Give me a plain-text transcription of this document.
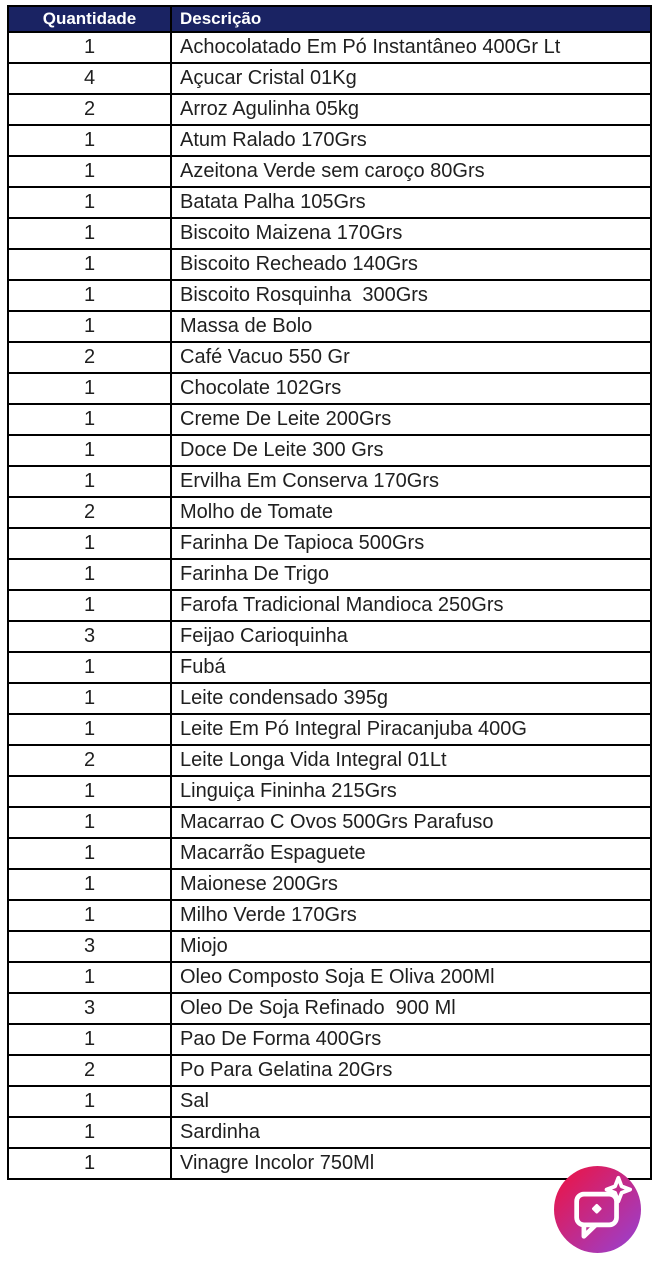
Quantidade	Descrição
1	Achocolatado Em Pó Instantâneo 400Gr Lt
4	Açucar Cristal 01Kg
2	Arroz Agulinha 05kg
1	Atum Ralado 170Grs
1	Azeitona Verde sem caroço 80Grs
1	Batata Palha 105Grs
1	Biscoito Maizena 170Grs
1	Biscoito Recheado 140Grs
1	Biscoito Rosquinha  300Grs
1	Massa de Bolo
2	Café Vacuo 550 Gr
1	Chocolate 102Grs
1	Creme De Leite 200Grs
1	Doce De Leite 300 Grs
1	Ervilha Em Conserva 170Grs
2	Molho de Tomate
1	Farinha De Tapioca 500Grs
1	Farinha De Trigo
1	Farofa Tradicional Mandioca 250Grs
3	Feijao Carioquinha
1	Fubá
1	Leite condensado 395g
1	Leite Em Pó Integral Piracanjuba 400G
2	Leite Longa Vida Integral 01Lt
1	Linguiça Fininha 215Grs
1	Macarrao C Ovos 500Grs Parafuso
1	Macarrão Espaguete
1	Maionese 200Grs
1	Milho Verde 170Grs
3	Miojo
1	Oleo Composto Soja E Oliva 200Ml
3	Oleo De Soja Refinado  900 Ml
1	Pao De Forma 400Grs
2	Po Para Gelatina 20Grs
1	Sal
1	Sardinha
1	Vinagre Incolor 750Ml
